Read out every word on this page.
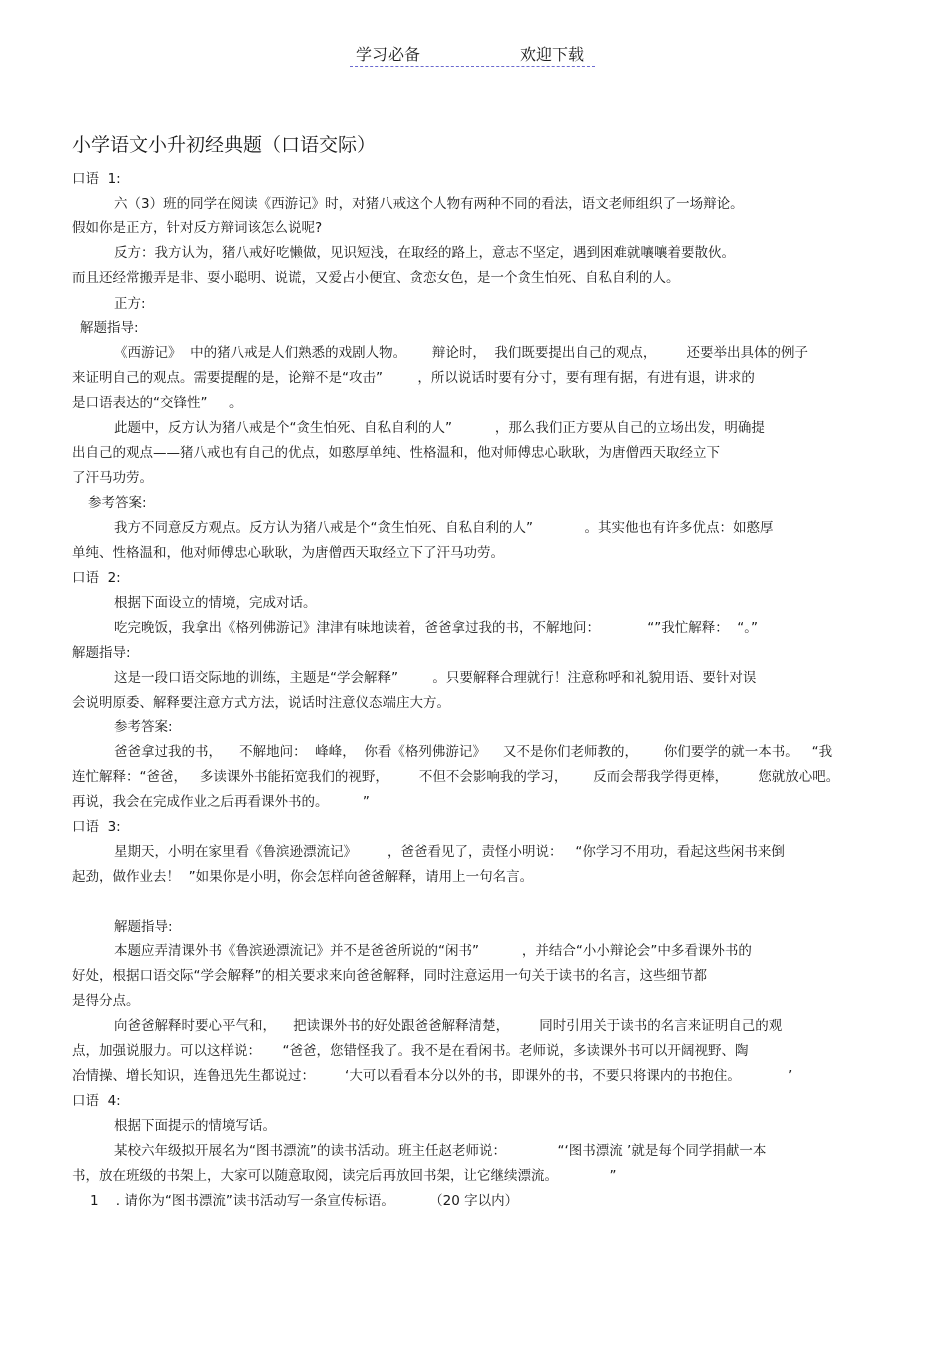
学习必备	欢迎下载
小学语文小升初经典题（口语交际）
口语  1:
六（3）班的同学在阅读《西游记》时，对猪八戒这个人物有两种不同的看法，语文老师组织了一场辩论。
假如你是正方，针对反方辩词该怎么说呢?
反方：我方认为，猪八戒好吃懒做，见识短浅，在取经的路上，意志不坚定，遇到困难就嚷嚷着要散伙。
而且还经常搬弄是非、耍小聪明、说谎，又爱占小便宜、贪恋女色，是一个贪生怕死、自私自利的人。
正方:
解题指导:
《西游记》  中的猪八戒是人们熟悉的戏剧人物。      辩论时，  我们既要提出自己的观点，       还要举出具体的例子
来证明自己的观点。需要提醒的是，论辩不是“攻击”        ，所以说话时要有分寸，要有理有据，有进有退，讲求的
是口语表达的“交锋性”     。
此题中，反方认为猪八戒是个“贪生怕死、自私自利的人”          ，那么我们正方要从自己的立场出发，明确提
出自己的观点——猪八戒也有自己的优点，如憨厚单纯、性格温和，他对师傅忠心耿耿，为唐僧西天取经立下
了汗马功劳。
参考答案:
我方不同意反方观点。反方认为猪八戒是个“贪生怕死、自私自利的人”            。其实他也有许多优点：如憨厚
单纯、性格温和，他对师傅忠心耿耿，为唐僧西天取经立下了汗马功劳。
口语  2:
根据下面设立的情境，完成对话。
吃完晚饭，我拿出《格列佛游记》津津有味地读着，爸爸拿过我的书，不解地问：           “”我忙解释：  “。”
解题指导:
这是一段口语交际地的训练，主题是“学会解释”        。只要解释合理就行！注意称呼和礼貌用语、要针对误
会说明原委、解释要注意方式方法，说话时注意仪态端庄大方。
参考答案:
爸爸拿过我的书，    不解地问：  峰峰，  你看《格列佛游记》    又不是你们老师教的，      你们要学的就一本书。   “我
连忙解释：“爸爸，   多读课外书能拓宽我们的视野，       不但不会影响我的学习，      反而会帮我学得更棒，       您就放心吧。
再说，我会在完成作业之后再看课外书的。        ”
口语  3:
星期天，小明在家里看《鲁滨逊漂流记》       ，爸爸看见了，责怪小明说：   “你学习不用功，看起这些闲书来倒
起劲，做作业去！  ”如果你是小明，你会怎样向爸爸解释，请用上一句名言。
解题指导:
本题应弄清课外书《鲁滨逊漂流记》并不是爸爸所说的“闲书”          ，并结合“小小辩论会”中多看课外书的
好处，根据口语交际“学会解释”的相关要求来向爸爸解释，同时注意运用一句关于读书的名言，这些细节都
是得分点。
向爸爸解释时要心平气和，    把读课外书的好处跟爸爸解释清楚，       同时引用关于读书的名言来证明自己的观
点，加强说服力。可以这样说：     “爸爸，您错怪我了。我不是在看闲书。老师说，多读课外书可以开阔视野、陶
冶情操、增长知识，连鲁迅先生都说过：       ‘大可以看看本分以外的书，即课外的书，不要只将课内的书抱住。           ’
口语  4:
根据下面提示的情境写话。
某校六年级拟开展名为“图书漂流”的读书活动。班主任赵老师说：            “‘图书漂流 ’就是每个同学捐献一本
书，放在班级的书架上，大家可以随意取阅，读完后再放回书架，让它继续漂流。            ”
1    . 请你为“图书漂流”读书活动写一条宣传标语。        （20 字以内）
